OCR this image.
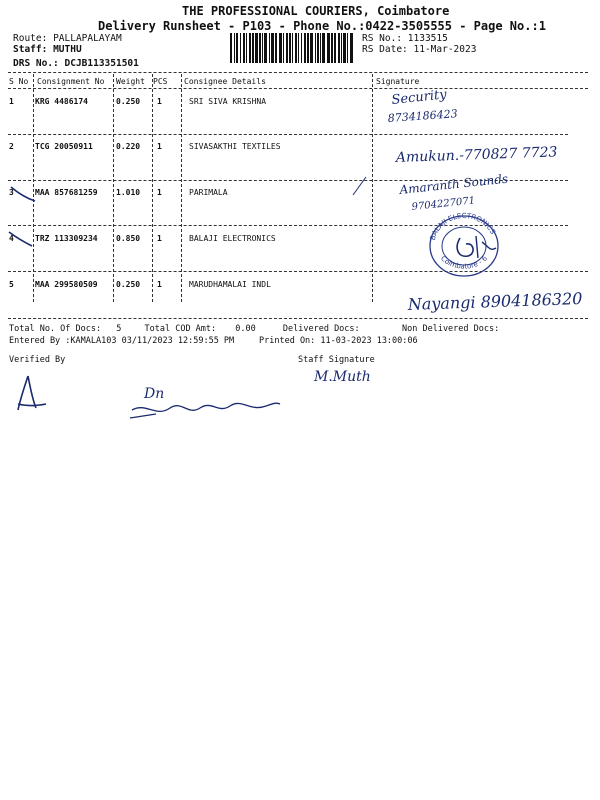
THE PROFESSIONAL COURIERS, Coimbatore
Delivery Runsheet - P103 - Phone No.:0422-3505555 - Page No.:1
Route: PALLAPALAYAM
Staff: MUTHU
DRS No.: DCJB113351501
RS No.: 1133515
RS Date: 11-Mar-2023
S No Consignment No Weight PCS Consignee Details	Signature
1	KRG 4486174	0.250 1	SRI SIVA KRISHNA
2	TCG 20050911	0.220 1	SIVASAKTHI TEXTILES
3	MAA 857681259 1.010 1	PARIMALA
4	TRZ 113309234 0.850 1	BALAJI ELECTRONICS
5	MAA 299580509 0.250 1	MARUDHAMALAI INDL
Security
8734186423
Amukun.-770827 7723
Amaranth Sounds
9704227071
BALAJI ELECTRONICS
Coimbatore - 6
Nayangi 8904186320
Total No. Of Docs: 5	Total COD Amt: 0.00	Delivered Docs:	Non Delivered Docs:
Entered By :KAMALA103 03/11/2023 12:59:55 PM	Printed On: 11-03-2023 13:00:06
Verified By	Staff Signature
M.Muth
Dn
